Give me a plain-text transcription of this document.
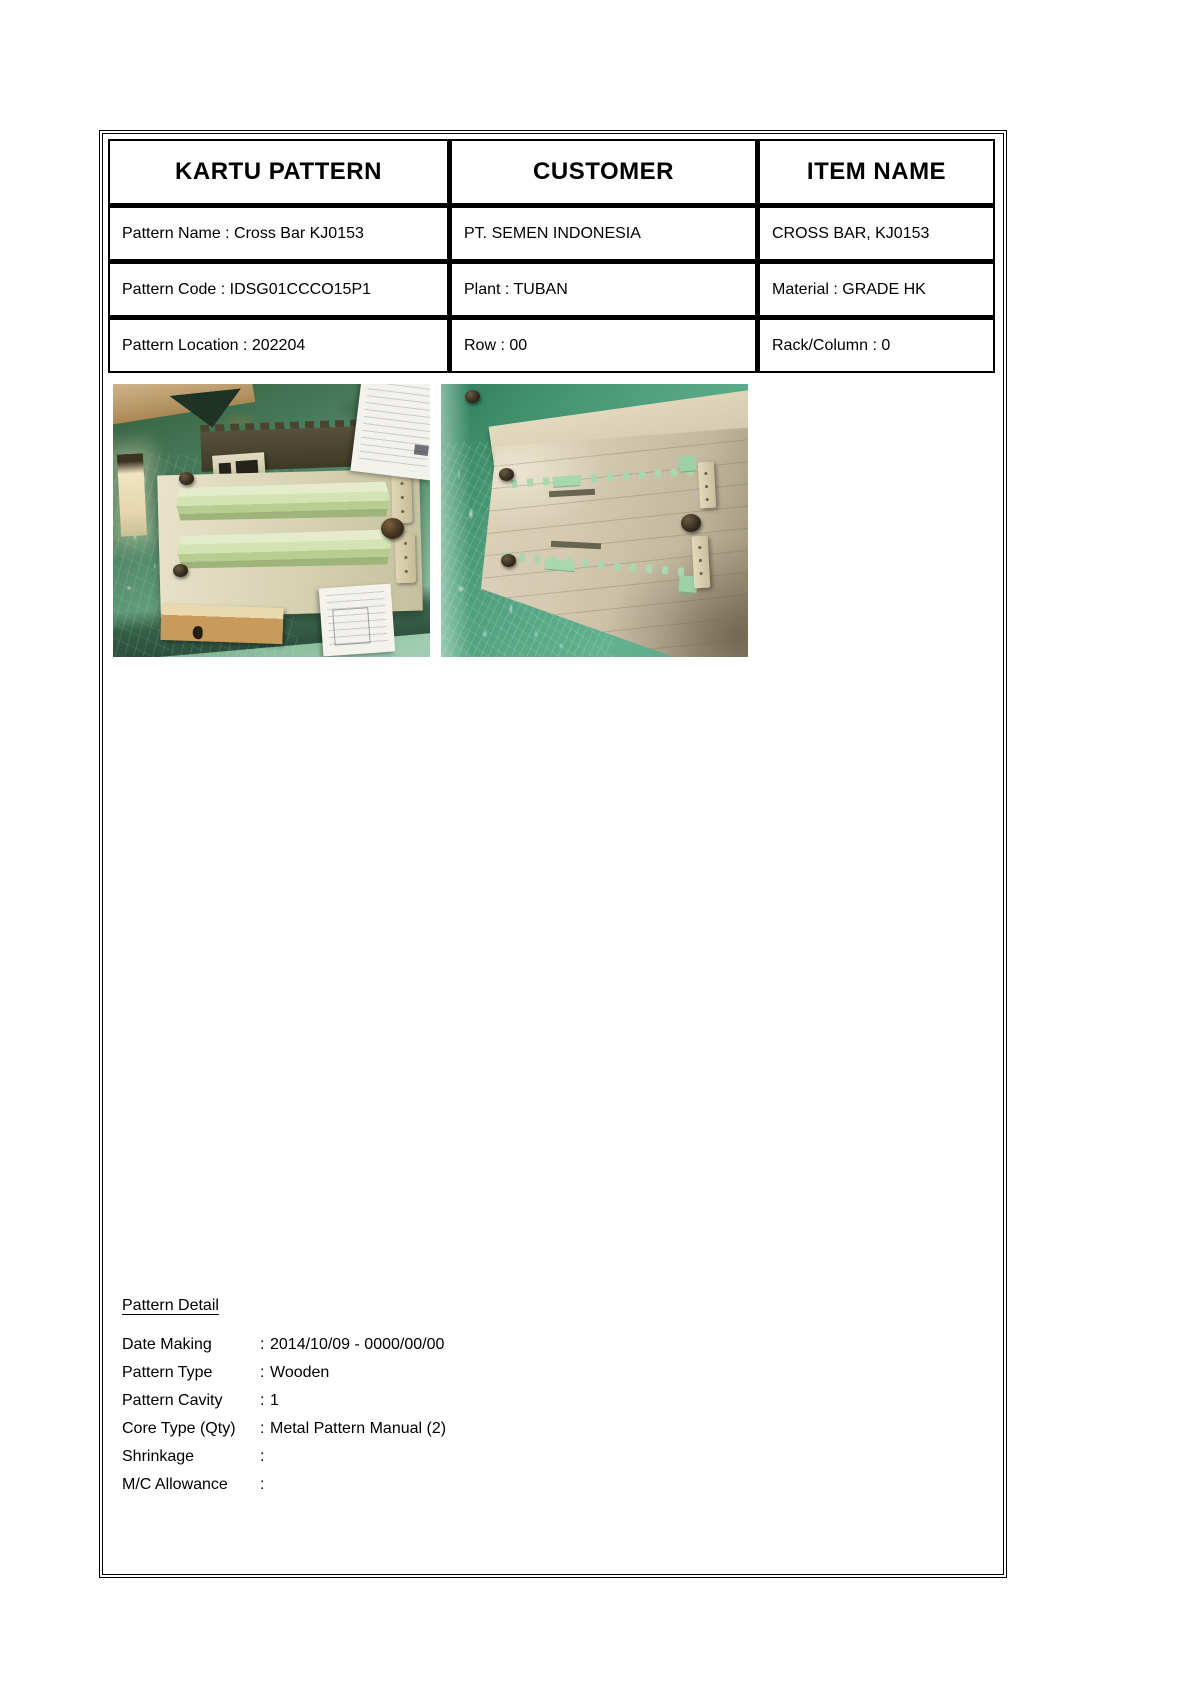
KARTU PATTERN	CUSTOMER	ITEM NAME
Pattern Name : Cross Bar KJ0153	PT. SEMEN INDONESIA	CROSS BAR, KJ0153
Pattern Code : IDSG01CCCO15P1	Plant : TUBAN	Material : GRADE HK
Pattern Location : 202204	Row : 00	Rack/Column : 0
Pattern Detail
Date Making	: 2014/10/09 - 0000/00/00
Pattern Type	: Wooden
Pattern Cavity	: 1
Core Type (Qty)	: Metal Pattern Manual (2)
Shrinkage	:
M/C Allowance	:
